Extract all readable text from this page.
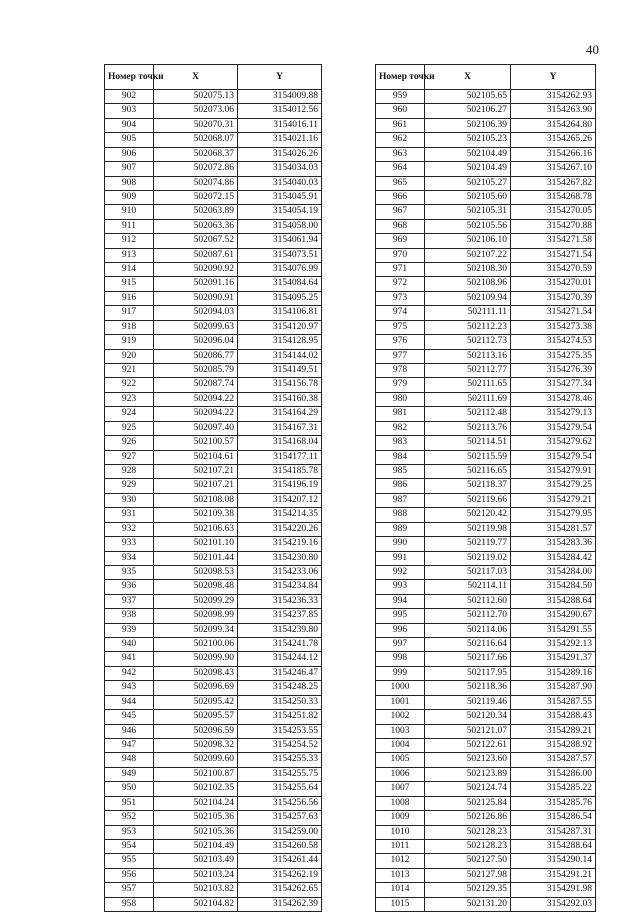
40
Номер точки	X	Y
902	502075.13	3154009.88
903	502073.06	3154012.56
904	502070.31	3154016.11
905	502068.07	3154021.16
906	502068.37	3154026.26
907	502072.86	3154034.03
908	502074.86	3154040.03
909	502072.15	3154045.91
910	502063.89	3154054.19
911	502063.36	3154058.00
912	502067.52	3154061.94
913	502087.61	3154073.51
914	502090.92	3154076.99
915	502091.16	3154084.64
916	502090.91	3154095.25
917	502094.03	3154106.81
918	502099.63	3154120.97
919	502096.04	3154128.95
920	502086.77	3154144.02
921	502085.79	3154149.51
922	502087.74	3154156.78
923	502094.22	3154160.38
924	502094.22	3154164.29
925	502097.40	3154167.31
926	502100.57	3154168.04
927	502104.61	3154177.11
928	502107.21	3154185.78
929	502107.21	3154196.19
930	502108.08	3154207.12
931	502109.38	3154214.35
932	502106.63	3154220.26
933	502101.10	3154219.16
934	502101.44	3154230.80
935	502098.53	3154233.06
936	502098.48	3154234.84
937	502099.29	3154236.33
938	502098.99	3154237.85
939	502099.34	3154239.80
940	502100.06	3154241.78
941	502099.90	3154244.12
942	502098.43	3154246.47
943	502096.69	3154248.25
944	502095.42	3154250.33
945	502095.57	3154251.82
946	502096.59	3154253.55
947	502098.32	3154254.52
948	502099.60	3154255.33
949	502100.87	3154255.75
950	502102.35	3154255.64
951	502104.24	3154256.56
952	502105.36	3154257.63
953	502105.36	3154259.00
954	502104.49	3154260.58
955	502103.49	3154261.44
956	502103.24	3154262.19
957	502103.82	3154262.65
958	502104.82	3154262.39
Номер точки	X	Y
959	502105.65	3154262.93
960	502106.27	3154263.90
961	502106.39	3154264.80
962	502105.23	3154265.26
963	502104.49	3154266.16
964	502104.49	3154267.10
965	502105.27	3154267.82
966	502105.60	3154268.78
967	502105.31	3154270.05
968	502105.56	3154270.88
969	502106.10	3154271.58
970	502107.22	3154271.54
971	502108.30	3154270.59
972	502108.96	3154270.01
973	502109.94	3154270.39
974	502111.11	3154271.54
975	502112.23	3154273.38
976	502112.73	3154274.53
977	502113.16	3154275.35
978	502112.77	3154276.39
979	502111.65	3154277.34
980	502111.69	3154278.46
981	502112.48	3154279.13
982	502113.76	3154279.54
983	502114.51	3154279.62
984	502115.59	3154279.54
985	502116.65	3154279.91
986	502118.37	3154279.25
987	502119.66	3154279.21
988	502120.42	3154279.95
989	502119.98	3154281.57
990	502119.77	3154283.36
991	502119.02	3154284.42
992	502117.03	3154284.00
993	502114.11	3154284.50
994	502112.60	3154288.64
995	502112.70	3154290.67
996	502114.06	3154291.55
997	502116.64	3154292.13
998	502117.66	3154291.37
999	502117.95	3154289.16
1000	502118.36	3154287.90
1001	502119.46	3154287.55
1002	502120.34	3154288.43
1003	502121.07	3154289.21
1004	502122.61	3154288.92
1005	502123.60	3154287.57
1006	502123.89	3154286.00
1007	502124.74	3154285.22
1008	502125.84	3154285.76
1009	502126.86	3154286.54
1010	502128.23	3154287.31
1011	502128.23	3154288.64
1012	502127.50	3154290.14
1013	502127.98	3154291.21
1014	502129.35	3154291.98
1015	502131.20	3154292.03
